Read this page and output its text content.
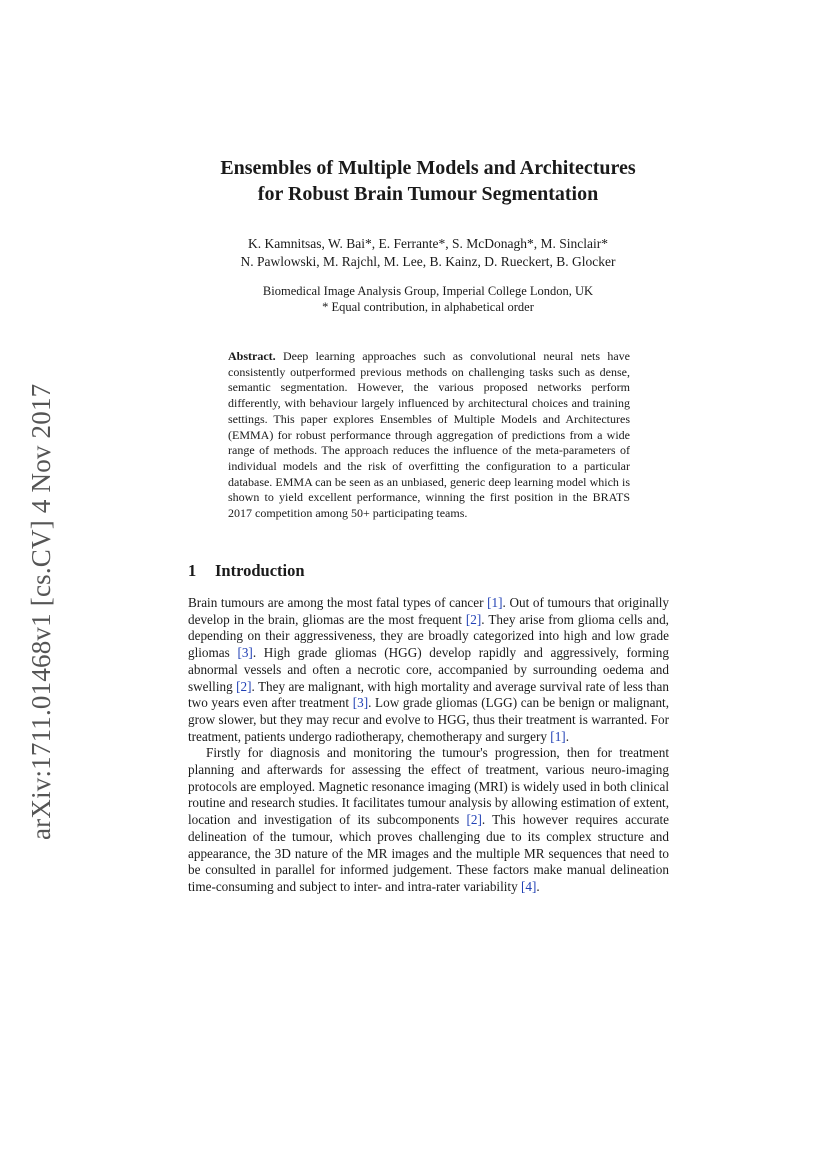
arXiv:1711.01468v1 [cs.CV] 4 Nov 2017
Ensembles of Multiple Models and Architectures
for Robust Brain Tumour Segmentation
K. Kamnitsas, W. Bai*, E. Ferrante*, S. McDonagh*, M. Sinclair*
N. Pawlowski, M. Rajchl, M. Lee, B. Kainz, D. Rueckert, B. Glocker
Biomedical Image Analysis Group, Imperial College London, UK
* Equal contribution, in alphabetical order
Abstract. Deep learning approaches such as convolutional neural nets have consistently outperformed previous methods on challenging tasks such as dense, semantic segmentation. However, the various proposed networks perform differently, with behaviour largely influenced by architectural choices and training settings. This paper explores Ensembles of Multiple Models and Architectures (EMMA) for robust performance through aggregation of predictions from a wide range of methods. The approach reduces the influence of the meta-parameters of individual models and the risk of overfitting the configuration to a particular database. EMMA can be seen as an unbiased, generic deep learning model which is shown to yield excellent performance, winning the first position in the BRATS 2017 competition among 50+ participating teams.
1 Introduction

Brain tumours are among the most fatal types of cancer [1]. Out of tumours that originally develop in the brain, gliomas are the most frequent [2]. They arise from glioma cells and, depending on their aggressiveness, they are broadly categorized into high and low grade gliomas [3]. High grade gliomas (HGG) develop rapidly and aggressively, forming abnormal vessels and often a necrotic core, accompanied by surrounding oedema and swelling [2]. They are malignant, with high mortality and average survival rate of less than two years even after treatment [3]. Low grade gliomas (LGG) can be benign or malignant, grow slower, but they may recur and evolve to HGG, thus their treatment is warranted. For treatment, patients undergo radiotherapy, chemotherapy and surgery [1].

Firstly for diagnosis and monitoring the tumour's progression, then for treatment planning and afterwards for assessing the effect of treatment, various neuro-imaging protocols are employed. Magnetic resonance imaging (MRI) is widely used in both clinical routine and research studies. It facilitates tumour analysis by allowing estimation of extent, location and investigation of its subcomponents [2]. This however requires accurate delineation of the tumour, which proves challenging due to its complex structure and appearance, the 3D nature of the MR images and the multiple MR sequences that need to be consulted in parallel for informed judgement. These factors make manual delineation time-consuming and subject to inter- and intra-rater variability [4].
